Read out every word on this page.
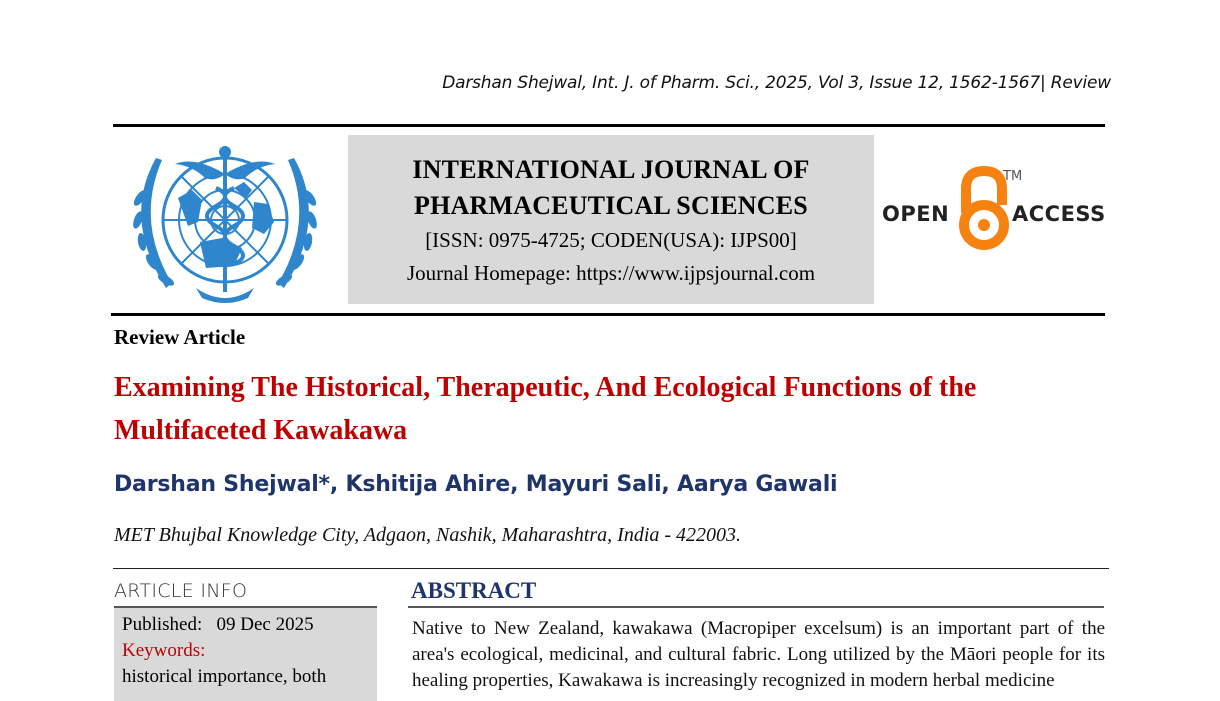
Darshan Shejwal, Int. J. of Pharm. Sci., 2025, Vol 3, Issue 12, 1562-1567| Review
INTERNATIONAL JOURNAL OF
PHARMACEUTICAL SCIENCES
[ISSN: 0975-4725; CODEN(USA): IJPS00]
Journal Homepage: https://www.ijpsjournal.com
OPEN
TM
ACCESS
Review Article
Examining The Historical, Therapeutic, And Ecological Functions of the
Multifaceted Kawakawa
Darshan Shejwal*, Kshitija Ahire, Mayuri Sali, Aarya Gawali
MET Bhujbal Knowledge City, Adgaon, Nashik, Maharashtra, India - 422003.
ARTICLE INFO
Published: 09 Dec 2025
Keywords:
historical importance, both
ABSTRACT
Native to New Zealand, kawakawa (Macropiper excelsum) is an important part of the area's ecological, medicinal, and cultural fabric. Long utilized by the Māori people for its healing properties, Kawakawa is increasingly recognized in modern herbal medicine
